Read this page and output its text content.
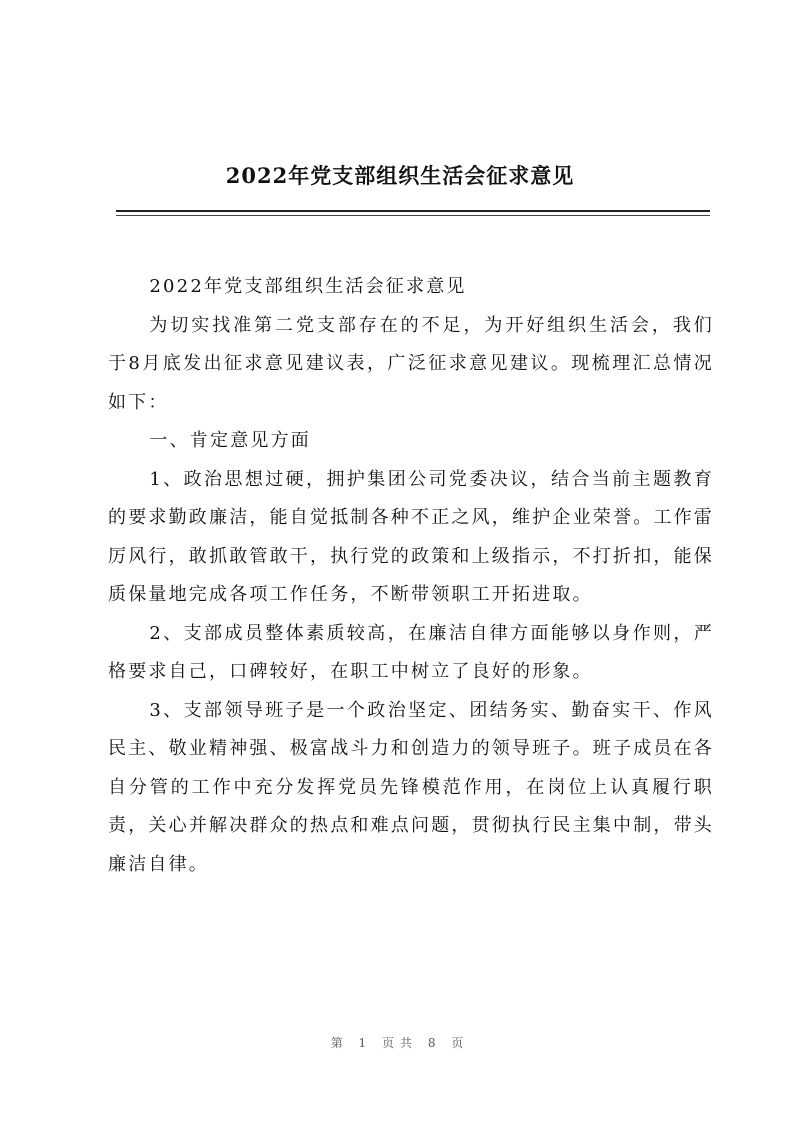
2022年党支部组织生活会征求意见

2022年党支部组织生活会征求意见

为切实找准第二党支部存在的不足，为开好组织生活会，我们于8月底发出征求意见建议表，广泛征求意见建议。现梳理汇总情况如下：

一、肯定意见方面

1、政治思想过硬，拥护集团公司党委决议，结合当前主题教育的要求勤政廉洁，能自觉抵制各种不正之风，维护企业荣誉。工作雷厉风行，敢抓敢管敢干，执行党的政策和上级指示，不打折扣，能保质保量地完成各项工作任务，不断带领职工开拓进取。

2、支部成员整体素质较高，在廉洁自律方面能够以身作则，严格要求自己，口碑较好，在职工中树立了良好的形象。

3、支部领导班子是一个政治坚定、团结务实、勤奋实干、作风民主、敬业精神强、极富战斗力和创造力的领导班子。班子成员在各自分管的工作中充分发挥党员先锋模范作用，在岗位上认真履行职责，关心并解决群众的热点和难点问题，贯彻执行民主集中制，带头廉洁自律。

第 1 页共 8 页
